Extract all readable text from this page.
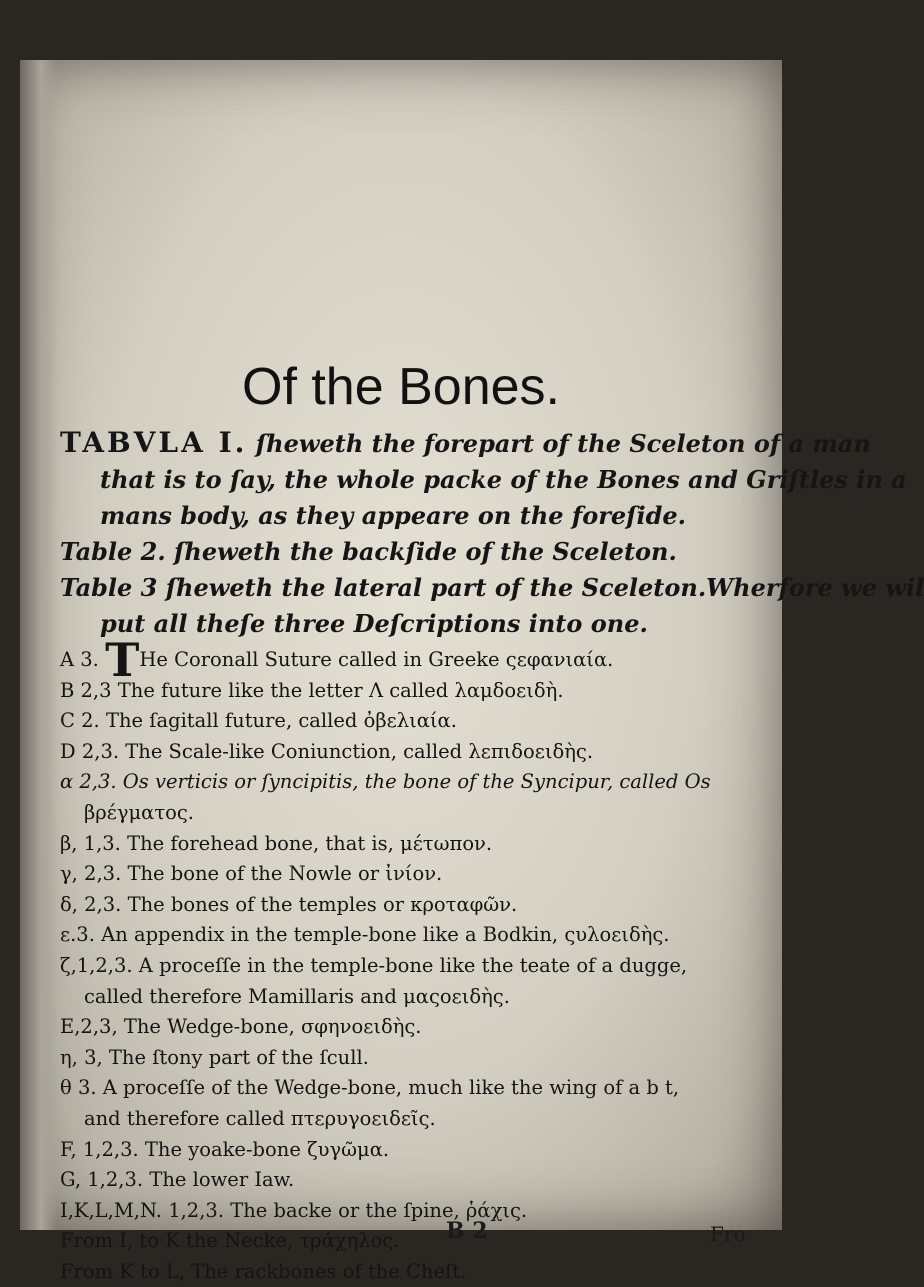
Of the Bones.
TABVLA I. ſheweth the forepart of the Sceleton of a man
that is to ſay, the whole packe of the Bones and Griſtles in a
mans body, as they appeare on the foreſide.
Table 2. ſheweth the backſide of the Sceleton.
Table 3 ſheweth the lateral part of the Sceleton.Wherfore we wil
put all theſe three Deſcriptions into one.
A 3. THe Coronall Suture called in Greeke ςεφανιαία.
B 2,3 The future like the letter Λ called λαμδοειδὴ.
C 2. The ſagitall future, called ὀβελιαία.
D 2,3. The Scale-like Coniunction, called λεπιδοειδὴς.
α 2,3. Os verticis or ſyncipitis, the bone of the Syncipur, called Os
βρέγματος.
β, 1,3. The forehead bone, that is, μέτωπον.
γ, 2,3. The bone of the Nowle or ἰνίον.
δ, 2,3. The bones of the temples or κροταφῶν.
ε.3. An appendix in the temple-bone like a Bodkin, ςυλοειδὴς.
ζ,1,2,3. A proceſſe in the temple-bone like the teate of a dugge,
called therefore Mamillaris and μαςοειδὴς.
E,2,3, The Wedge-bone, σφηνοειδὴς.
η, 3, The ſtony part of the ſcull.
θ 3. A proceſſe of the Wedge-bone, much like the wing of a b t,
and therefore called πτερυγοειδεῖς.
F, 1,2,3. The yoake-bone ζυγῶμα.
G, 1,2,3. The lower Iaw.
I,K,L,M,N. 1,2,3. The backe or the ſpine, ῥάχις.
From I, to K the Necke, τράχηλος.
From K to L, The rackbones of the Cheſt.
B 2	Fro
